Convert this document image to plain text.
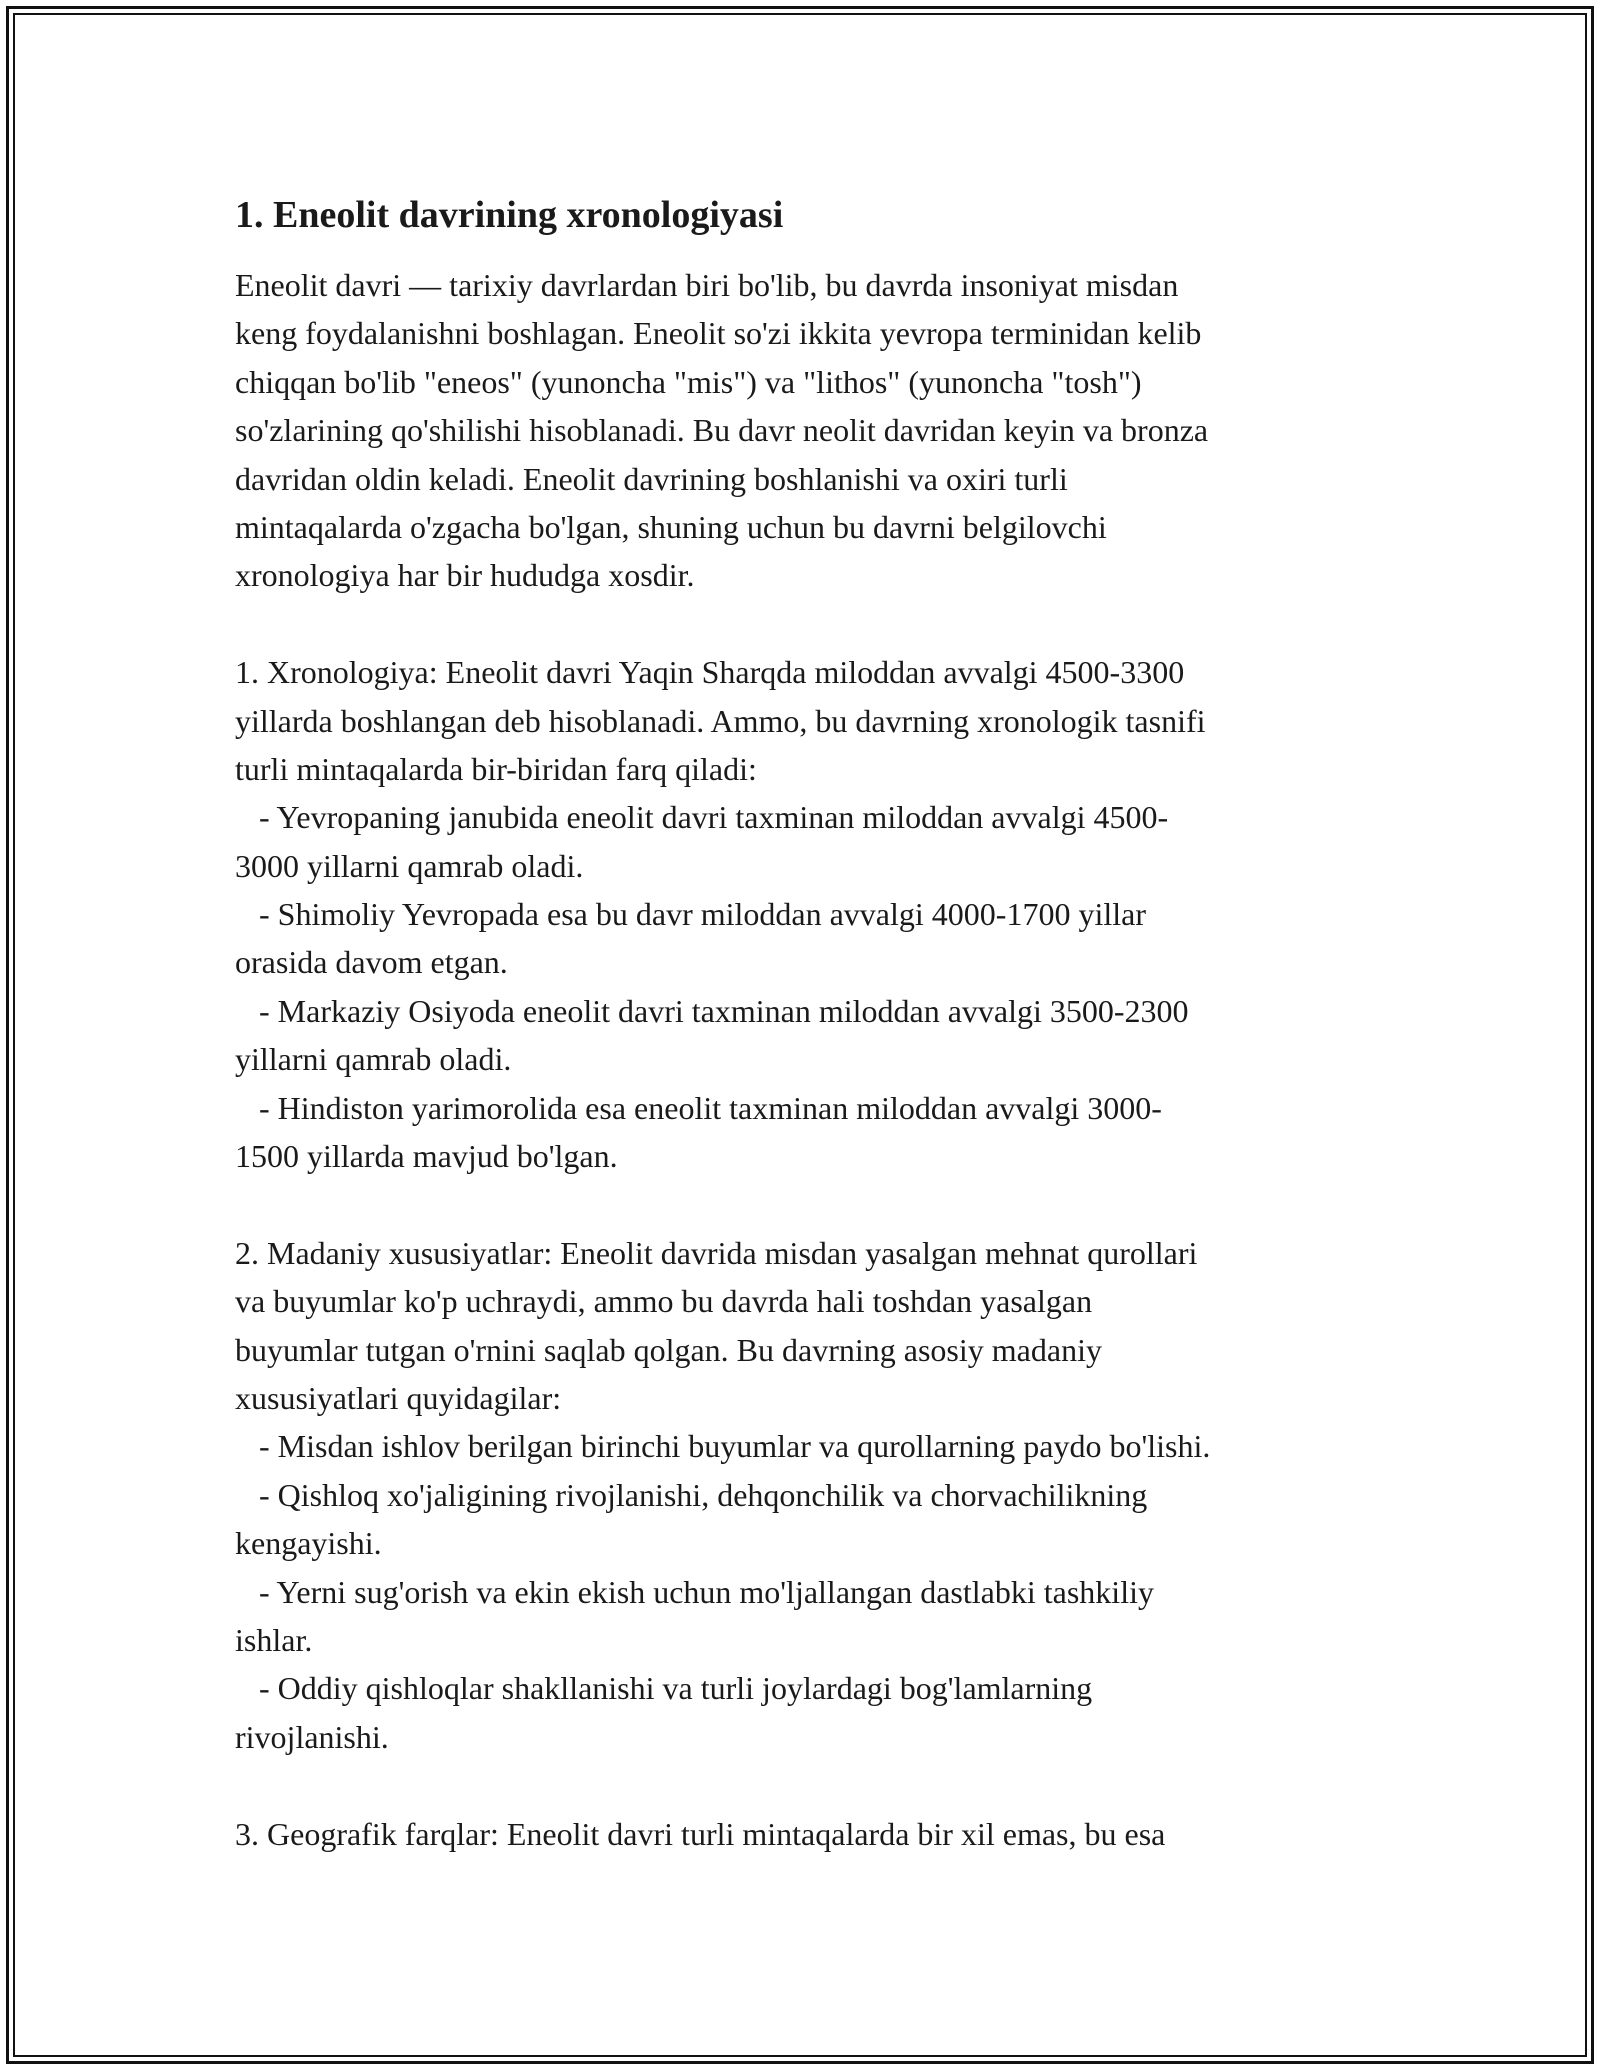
1. Eneolit davrining xronologiyasi
Eneolit davri — tarixiy davrlardan biri bo'lib, bu davrda insoniyat misdan
keng foydalanishni boshlagan. Eneolit so'zi ikkita yevropa terminidan kelib
chiqqan bo'lib "eneos" (yunoncha "mis") va "lithos" (yunoncha "tosh")
so'zlarining qo'shilishi hisoblanadi. Bu davr neolit davridan keyin va bronza
davridan oldin keladi. Eneolit davrining boshlanishi va oxiri turli
mintaqalarda o'zgacha bo'lgan, shuning uchun bu davrni belgilovchi
xronologiya har bir hududga xosdir.
1. Xronologiya: Eneolit davri Yaqin Sharqda miloddan avvalgi 4500-3300
yillarda boshlangan deb hisoblanadi. Ammo, bu davrning xronologik tasnifi
turli mintaqalarda bir-biridan farq qiladi:
- Yevropaning janubida eneolit davri taxminan miloddan avvalgi 4500-
3000 yillarni qamrab oladi.
- Shimoliy Yevropada esa bu davr miloddan avvalgi 4000-1700 yillar
orasida davom etgan.
- Markaziy Osiyoda eneolit davri taxminan miloddan avvalgi 3500-2300
yillarni qamrab oladi.
- Hindiston yarimorolida esa eneolit taxminan miloddan avvalgi 3000-
1500 yillarda mavjud bo'lgan.
2. Madaniy xususiyatlar: Eneolit davrida misdan yasalgan mehnat qurollari
va buyumlar ko'p uchraydi, ammo bu davrda hali toshdan yasalgan
buyumlar tutgan o'rnini saqlab qolgan. Bu davrning asosiy madaniy
xususiyatlari quyidagilar:
- Misdan ishlov berilgan birinchi buyumlar va qurollarning paydo bo'lishi.
- Qishloq xo'jaligining rivojlanishi, dehqonchilik va chorvachilikning
kengayishi.
- Yerni sug'orish va ekin ekish uchun mo'ljallangan dastlabki tashkiliy
ishlar.
- Oddiy qishloqlar shakllanishi va turli joylardagi bog'lamlarning
rivojlanishi.
3. Geografik farqlar: Eneolit davri turli mintaqalarda bir xil emas, bu esa
